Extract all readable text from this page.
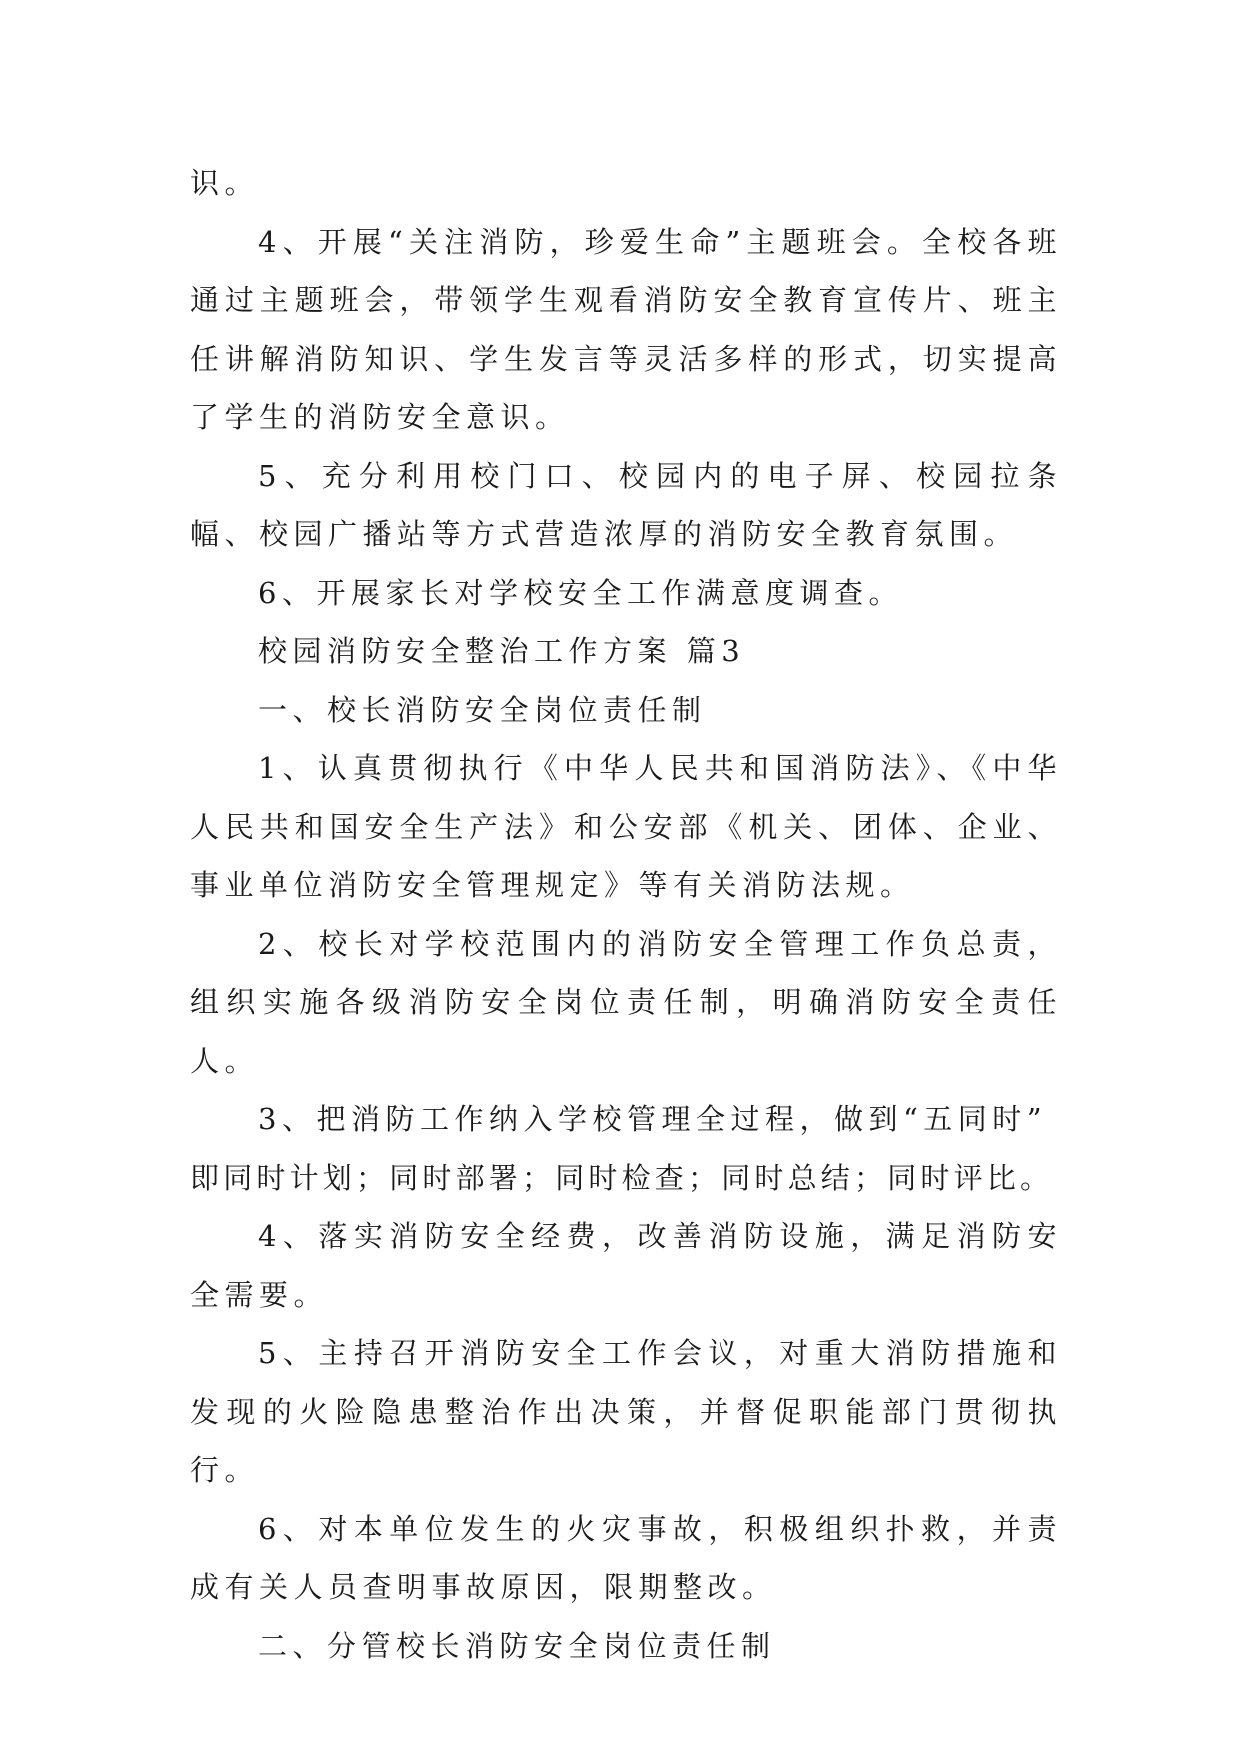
识。

4、开展“关注消防，珍爱生命”主题班会。全校各班通过主题班会，带领学生观看消防安全教育宣传片、班主任讲解消防知识、学生发言等灵活多样的形式，切实提高了学生的消防安全意识。

5、充分利用校门口、校园内的电子屏、校园拉条幅、校园广播站等方式营造浓厚的消防安全教育氛围。

6、开展家长对学校安全工作满意度调查。

校园消防安全整治工作方案 篇3

一、校长消防安全岗位责任制

1、认真贯彻执行《中华人民共和国消防法》、《中华人民共和国安全生产法》和公安部《机关、团体、企业、事业单位消防安全管理规定》等有关消防法规。

2、校长对学校范围内的消防安全管理工作负总责，组织实施各级消防安全岗位责任制，明确消防安全责任人。

3、把消防工作纳入学校管理全过程，做到“五同时”

即同时计划；同时部署；同时检查；同时总结；同时评比。

4、落实消防安全经费，改善消防设施，满足消防安全需要。

5、主持召开消防安全工作会议，对重大消防措施和发现的火险隐患整治作出决策，并督促职能部门贯彻执行。

6、对本单位发生的火灾事故，积极组织扑救，并责成有关人员查明事故原因，限期整改。

二、分管校长消防安全岗位责任制
